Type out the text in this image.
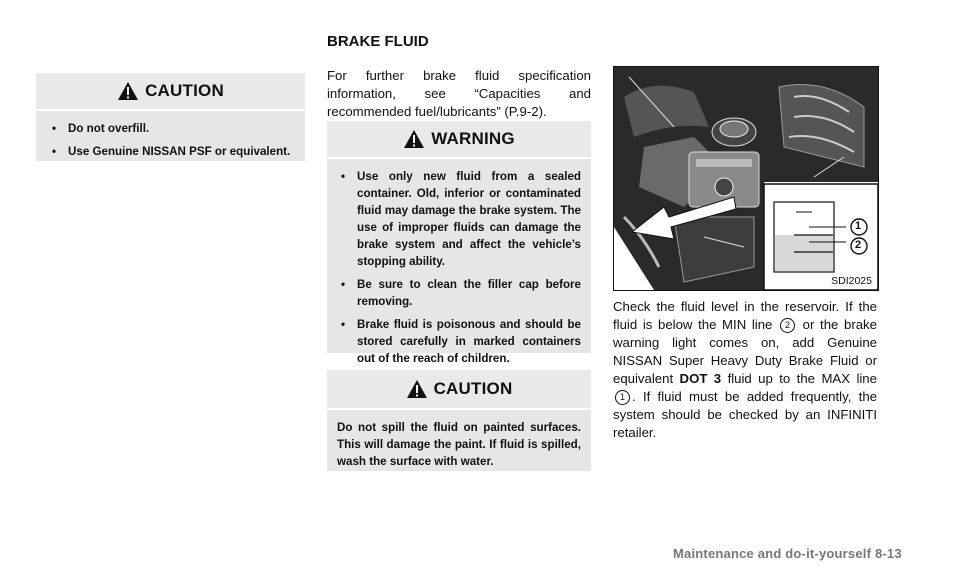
CAUTION
• Do not overfill.
• Use Genuine NISSAN PSF or equivalent.
BRAKE FLUID
For further brake fluid specification information, see “Capacities and recommended fuel/lubricants” (P.9-2).
WARNING
• Use only new fluid from a sealed container. Old, inferior or contaminated fluid may damage the brake system. The use of improper fluids can damage the brake system and affect the vehicle’s stopping ability.
• Be sure to clean the filler cap before removing.
• Brake fluid is poisonous and should be stored carefully in marked containers out of the reach of children.
CAUTION
Do not spill the fluid on painted surfaces. This will damage the paint. If fluid is spilled, wash the surface with water.
1
2
SDI2025
Check the fluid level in the reservoir. If the fluid is below the MIN line 2 or the brake warning light comes on, add Genuine NISSAN Super Heavy Duty Brake Fluid or equivalent DOT 3 fluid up to the MAX line 1 . If fluid must be added frequently, the system should be checked by an INFINITI retailer.
Maintenance and do-it-yourself 8-13
